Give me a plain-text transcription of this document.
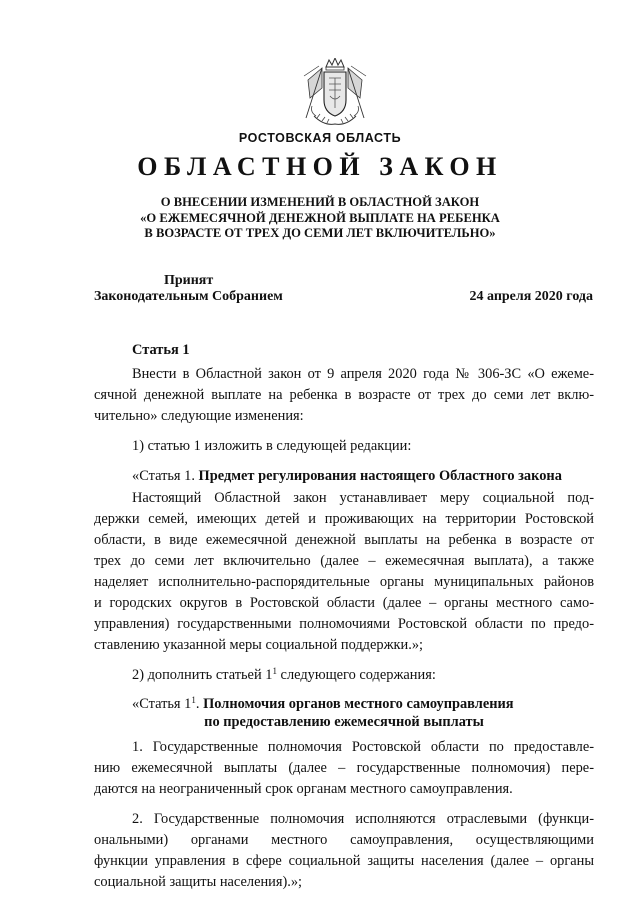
РОСТОВСКАЯ ОБЛАСТЬ
ОБЛАСТНОЙ ЗАКОН
О ВНЕСЕНИИ ИЗМЕНЕНИЙ В ОБЛАСТНОЙ ЗАКОН
«О ЕЖЕМЕСЯЧНОЙ ДЕНЕЖНОЙ ВЫПЛАТЕ НА РЕБЕНКА
В ВОЗРАСТЕ ОТ ТРЕХ ДО СЕМИ ЛЕТ ВКЛЮЧИТЕЛЬНО»
Принят
Законодательным Собранием	24 апреля 2020 года

Статья 1

Внести в Областной закон от 9 апреля 2020 года № 306-ЗС «О ежеме-
сячной денежной выплате на ребенка в возрасте от трех до семи лет вклю-
чительно» следующие изменения:

1) статью 1 изложить в следующей редакции:

«Статья 1. Предмет регулирования настоящего Областного закона

Настоящий Областной закон устанавливает меру социальной под-
держки семей, имеющих детей и проживающих на территории Ростовской
области, в виде ежемесячной денежной выплаты на ребенка в возрасте от
трех до семи лет включительно (далее – ежемесячная выплата), а также
наделяет исполнительно-распорядительные органы муниципальных районов
и городских округов в Ростовской области (далее – органы местного само-
управления) государственными полномочиями Ростовской области по предо-
ставлению указанной меры социальной поддержки.»;

2) дополнить статьей $1^1$ следующего содержания:

«Статья $1^1$. Полномочия органов местного самоуправления

по предоставлению ежемесячной выплаты

1. Государственные полномочия Ростовской области по предоставле-
нию ежемесячной выплаты (далее – государственные полномочия) пере-
даются на неограниченный срок органам местного самоуправления.

2. Государственные полномочия исполняются отраслевыми (функци-
ональными) органами местного самоуправления, осуществляющими
функции управления в сфере социальной защиты населения (далее – органы
социальной защиты населения).»;
